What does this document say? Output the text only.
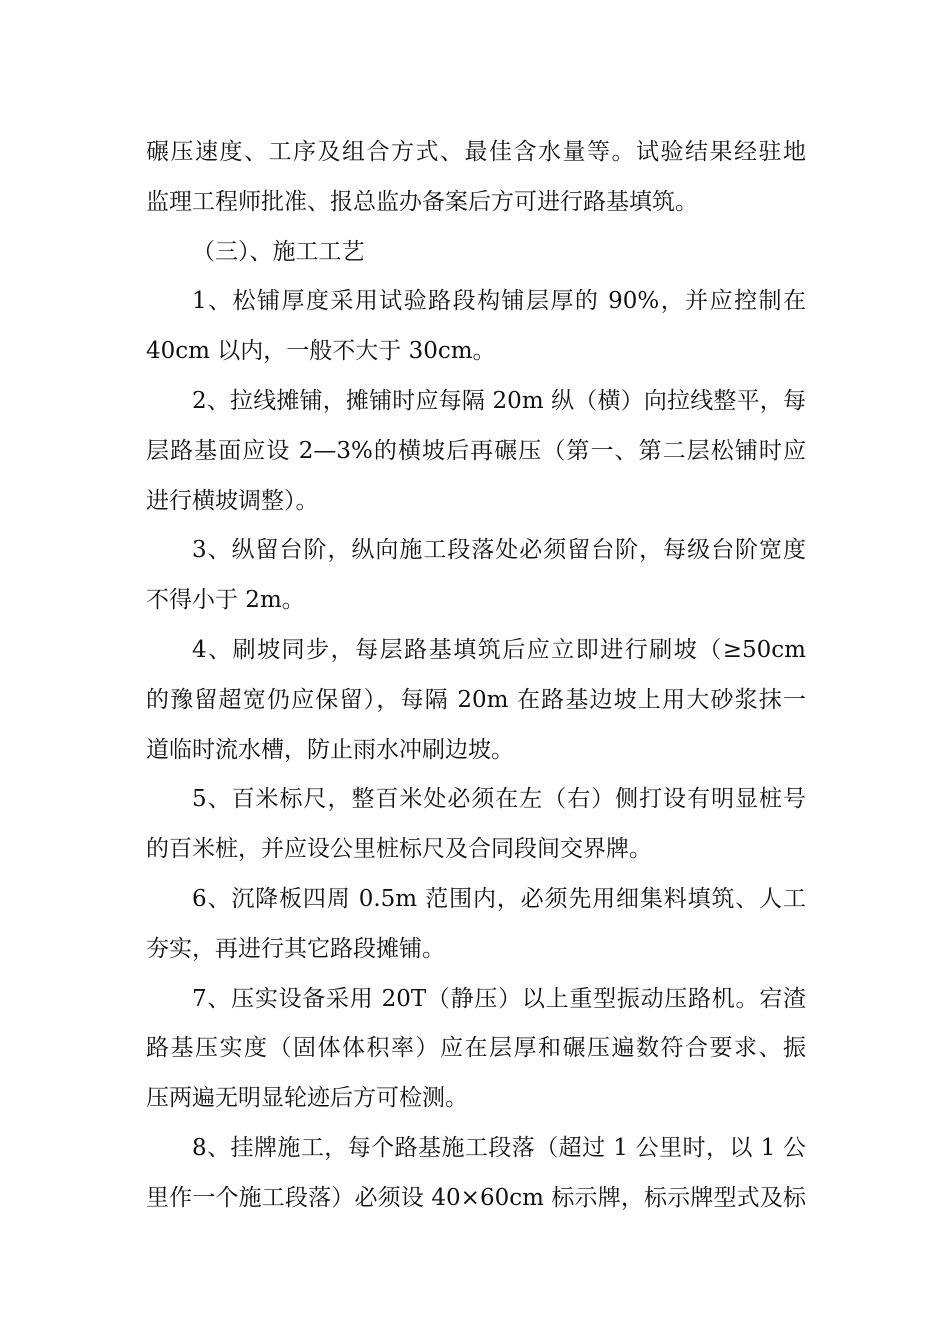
碾压速度、工序及组合方式、最佳含水量等。试验结果经驻地
监理工程师批准、报总监办备案后方可进行路基填筑。
（三）、施工工艺
1、松铺厚度采用试验路段构铺层厚的 90%，并应控制在
40cm 以内，一般不大于 30cm。
2、拉线摊铺，摊铺时应每隔 20m 纵（横）向拉线整平，每
层路基面应设 2—3%的横坡后再碾压（第一、第二层松铺时应
进行横坡调整）。
3、纵留台阶，纵向施工段落处必须留台阶，每级台阶宽度
不得小于 2m。
4、刷坡同步，每层路基填筑后应立即进行刷坡（≥50cm
的豫留超宽仍应保留），每隔 20m 在路基边坡上用大砂浆抹一
道临时流水槽，防止雨水冲刷边坡。
5、百米标尺，整百米处必须在左（右）侧打设有明显桩号
的百米桩，并应设公里桩标尺及合同段间交界牌。
6、沉降板四周 0.5m 范围内，必须先用细集料填筑、人工
夯实，再进行其它路段摊铺。
7、压实设备采用 20T（静压）以上重型振动压路机。宕渣
路基压实度（固体体积率）应在层厚和碾压遍数符合要求、振
压两遍无明显轮迹后方可检测。
8、挂牌施工，每个路基施工段落（超过 1 公里时，以 1 公
里作一个施工段落）必须设 40×60cm 标示牌，标示牌型式及标
